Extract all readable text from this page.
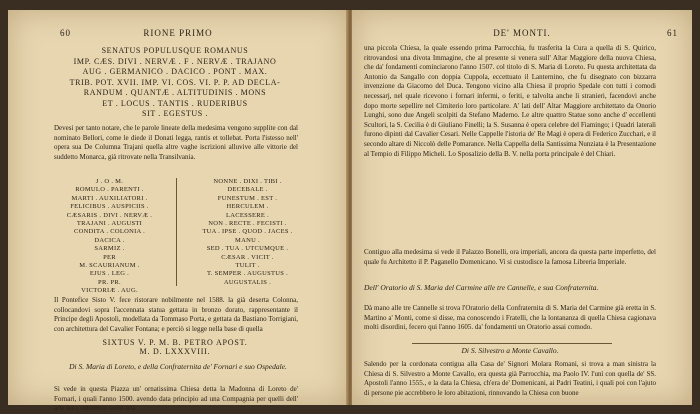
60	RIONE PRIMO
SENATUS POPULUSQUE ROMANUS
IMP. CÆS. DIVI . NERVÆ . F . NERVÆ . TRAJANO
AUG . GERMANICO . DACICO . PONT . MAX.
TRIB. POT. XVII. IMP. VI. COS. VI. P. P. AD DECLA-
RANDUM . QUANTÆ . ALTITUDINIS . MONS
ET . LOCUS . TANTIS . RUDERIBUS
SIT . EGESTUS .
Devesi per tanto notare, che le parole lineate della medesima vengono supplite con dal nominato Bellori, come le diede il Donati legga, rantis et tollebat. Porta l'istesso nell' opera sua De Columna Trajani quella altre vaghe iscrizioni alluvive alle vittorie del suddetto Monarca, già ritrovate nella Transilvania.
J . O . M.
ROMULO . PARENTI .
MARTI . AUXILIATORI .
FELICIBUS . AUSPICIIS .
CÆSARIS . DIVI . NERVÆ .
TRAJANI . AUGUSTI
CONDITA . COLONIA .
DACICA .
SARMIZ .
PER
M. SCAURIANUM .
EJUS . LEG .
PR. PR.
VICTORIÆ . AUG.
NONNE . DIXI . TIBI .
DECEBALE .
FUNESTUM . EST .
HERCULEM .
LACESSERE .
NON . RECTE . FECISTI .
TUA . IPSE . QUOD . JACES .
MANU .
SED . TUA . UTCUMQUE .
CÆSAR . VICIT .
TULIT .
T. SEMPER . AUGUSTUS .
AUGUSTALIS .
Il Pontefice Sisto V. fece ristorare nobilmente nel 1588. la già deserta Colonna, collocandovi sopra l'accennata statua gettata in bronzo dorato, rappresentante il Principe degli Apostoli, modellata da Tommaso Porta, e gettata da Bastiano Torrigiani, con architettura del Cavalier Fontana; e perciò si legge nella base di quella
SIXTUS V. P. M. B. PETRO APOST.
M. D. LXXXVIII.
Di S. Maria di Loreto, e della Confraternita de' Fornari e suo Ospedale.
Si vede in questa Piazza un' ornatissima Chiesa detta la Madonna di Loreto de' Fornari, i quali l'anno 1500. avendo data principio ad una Compagnia per quelli dell' arte loro, ottennero quivi una
DE' MONTI.	61
una piccola Chiesa, la quale essendo prima Parrocchia, fu trasferita la Cura a quella di S. Quirico, ritrovandosi una divota Immagine, che al presente si venera sull' Altar Maggiore della nuova Chiesa, che da' fondamenti cominciarono l'anno 1507. col titolo di S. Maria di Loreto. Fu questa architettata da Antonio da Sangallo con doppia Cuppola, eccettuato il Lanternino, che fu disegnato con bizzarra invenzione da Giacomo del Duca. Tengono vicino alla Chiesa il proprio Spedale con tutti i comodi necessarj, nel quale ricevono i fornari infermi, o feriti, e talvolta anche li stranieri, facendovi anche dopo morte sepellire nel Cimiterio loro particolare. A' lati dell' Altar Maggiore architettato da Onorio Lunghi, sono due Angeli scolpiti da Stefano Maderno. Le altre quattro Statue sono anche d' eccellenti Scultori, la S. Cecilia è di Giuliano Finelli; la S. Susanna è opera celebre del Fiamingo; i Quadri laterali furono dipinti dal Cavalier Cesari. Nelle Cappelle l'istoria de' Re Magi è opera di Federico Zucchari, e il secondo altare di Niccolò delle Pomarance. Nella Cappella della Santissima Nunziata è la Presentazione al Tempio di Filippo Micheli. Lo Sposalizio della B. V. nella porta principale è del Chiari.
Contiguo alla medesima si vede il Palazzo Bonelli, ora imperiali, ancora da questa parte imperfetto, del quale fu Architetto il P. Paganello Domenicano. Vi si custodisce la famosa Libreria Imperiale.
Dell' Oratorio di S. Maria del Carmine alle tre Cannelle, e sua Confraternita.
Dà mano alle tre Cannelle si trova l'Oratorio della Confraternita di S. Maria del Carmine già eretta in S. Martino a' Monti, come si disse, ma conoscendo i Fratelli, che la lontananza di quella Chiesa cagionava molti disordini, fecero qui l'anno 1605. da' fondamenti un Oratorio assai comodo.
Di S. Silvestro a Monte Cavallo.
Salendo per la cordonata contigua alla Casa de' Signori Molara Romani, si trova a man sinistra la Chiesa di S. Silvestro a Monte Cavallo, era questa già Parrocchia, ma Paolo IV. l'unì con quella de' SS. Apostoli l'anno 1555., e la data la Chiesa, ch'era de' Domenicani, ai Padri Teatini, i quali poi con l'ajuto di persone pie accrebbero le loro abitazioni, rinnovando la Chiesa con buone
